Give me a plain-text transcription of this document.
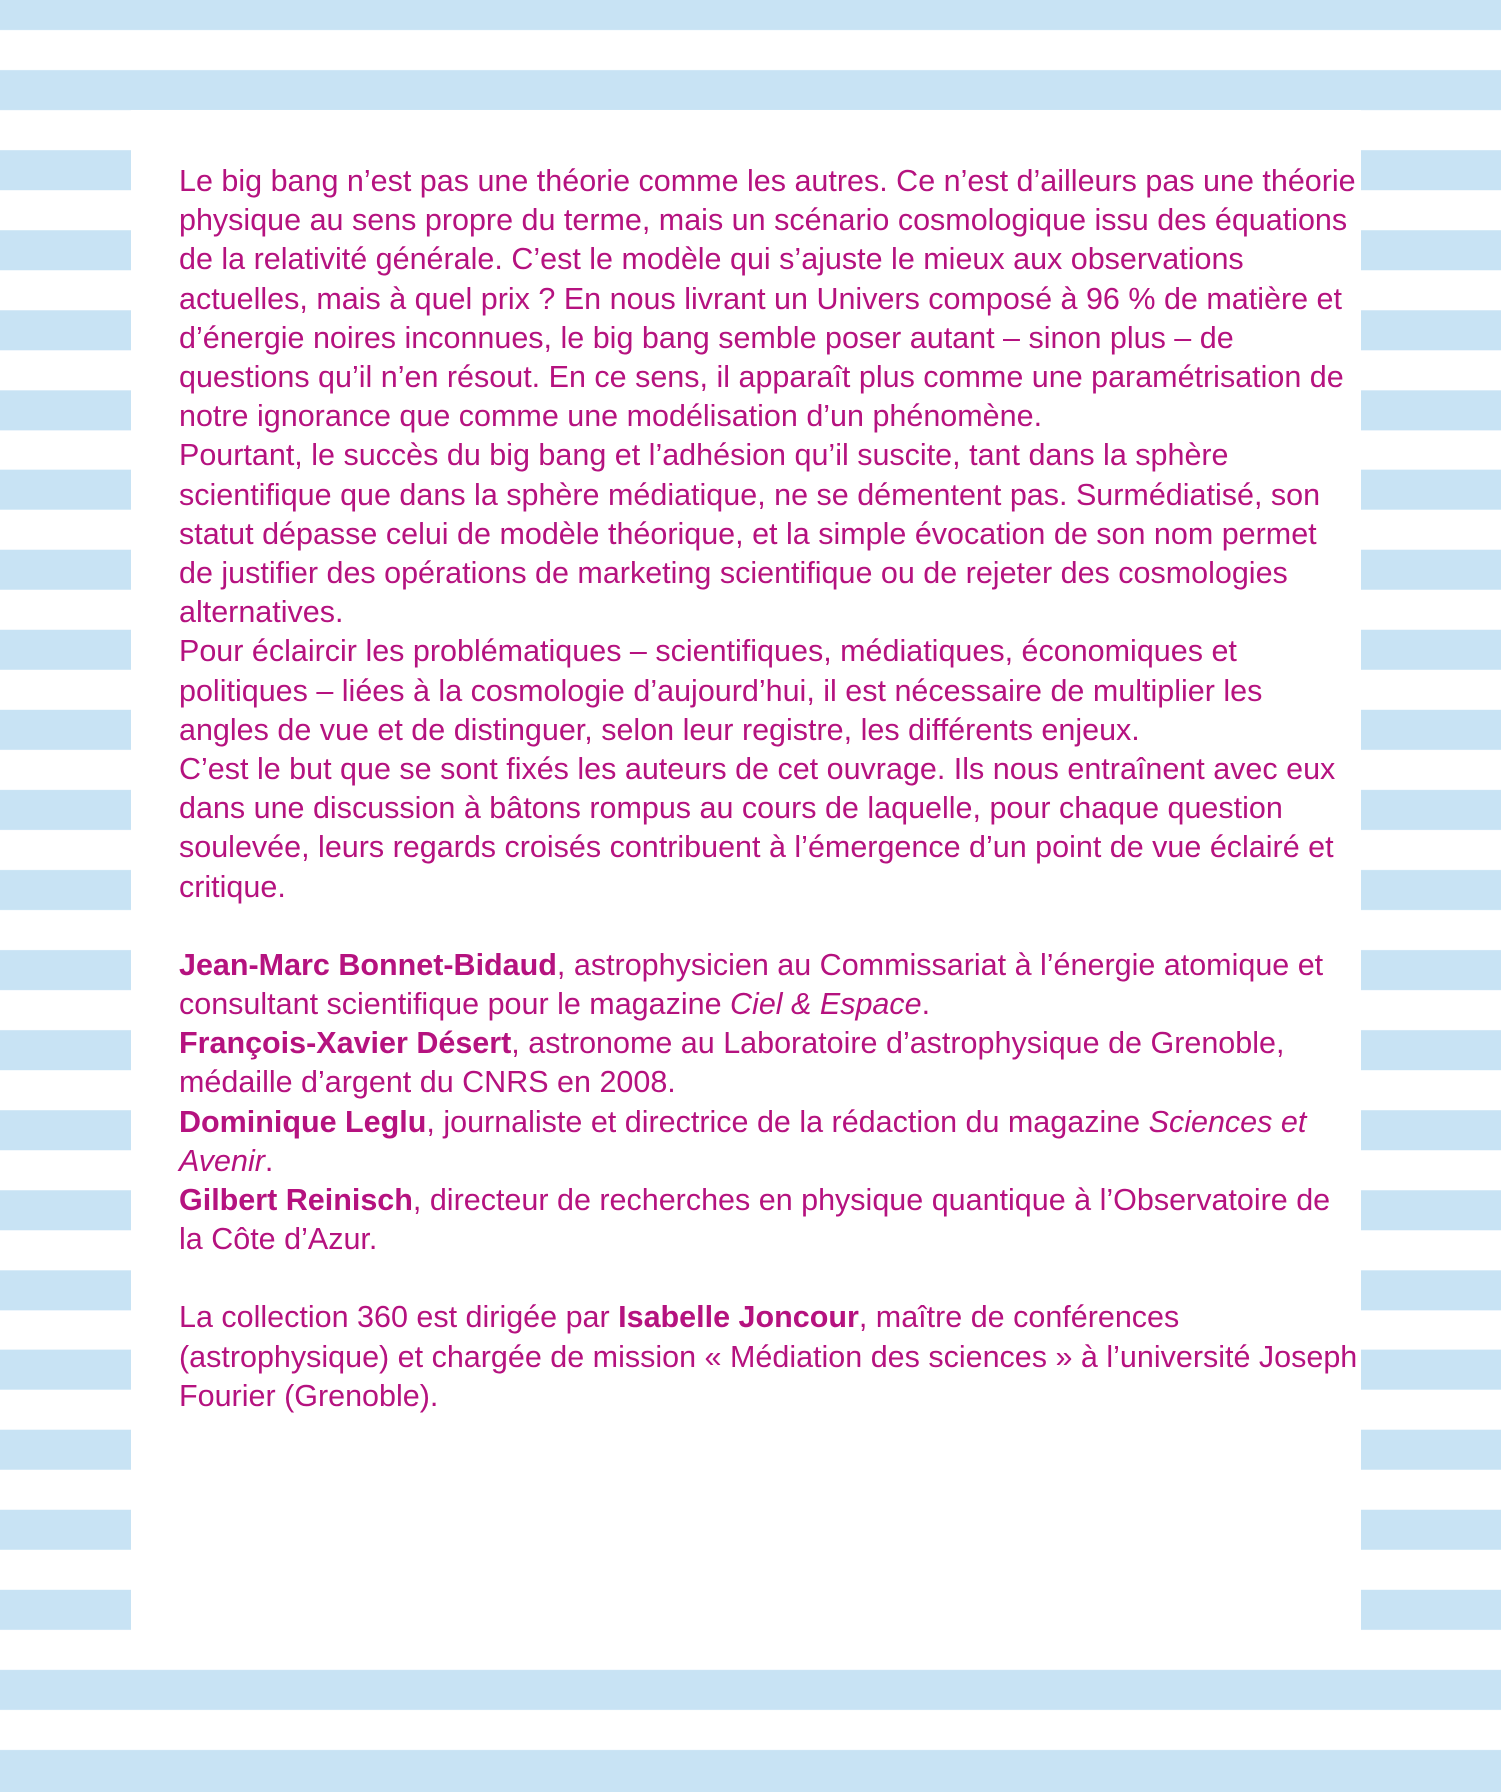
Le big bang n’est pas une théorie comme les autres. Ce n’est d’ailleurs pas une théorie physique au sens propre du terme, mais un scénario cosmologique issu des équations de la relativité générale. C’est le modèle qui s’ajuste le mieux aux observations actuelles, mais à quel prix ? En nous livrant un Univers composé à 96 % de matière et d’énergie noires inconnues, le big bang semble poser autant – sinon plus – de questions qu’il n’en résout. En ce sens, il apparaît plus comme une paramétrisation de notre ignorance que comme une modélisation d’un phénomène.

Pourtant, le succès du big bang et l’adhésion qu’il suscite, tant dans la sphère scientifique que dans la sphère médiatique, ne se démentent pas. Surmédiatisé, son statut dépasse celui de modèle théorique, et la simple évocation de son nom permet de justifier des opérations de marketing scientifique ou de rejeter des cosmologies alternatives.

Pour éclaircir les problématiques – scientifiques, médiatiques, économiques et politiques – liées à la cosmologie d’aujourd’hui, il est nécessaire de multiplier les angles de vue et de distinguer, selon leur registre, les différents enjeux.

C’est le but que se sont fixés les auteurs de cet ouvrage. Ils nous entraînent avec eux dans une discussion à bâtons rompus au cours de laquelle, pour chaque question soulevée, leurs regards croisés contribuent à l’émergence d’un point de vue éclairé et critique.

Jean-Marc Bonnet-Bidaud, astrophysicien au Commissariat à l’énergie atomique et consultant scientifique pour le magazine Ciel & Espace.

François-Xavier Désert, astronome au Laboratoire d’astrophysique de Grenoble, médaille d’argent du CNRS en 2008.

Dominique Leglu, journaliste et directrice de la rédaction du magazine Sciences et Avenir.

Gilbert Reinisch, directeur de recherches en physique quantique à l’Observatoire de la Côte d’Azur.

La collection 360 est dirigée par Isabelle Joncour, maître de conférences (astrophysique) et chargée de mission « Médiation des sciences » à l’université Joseph Fourier (Grenoble).
